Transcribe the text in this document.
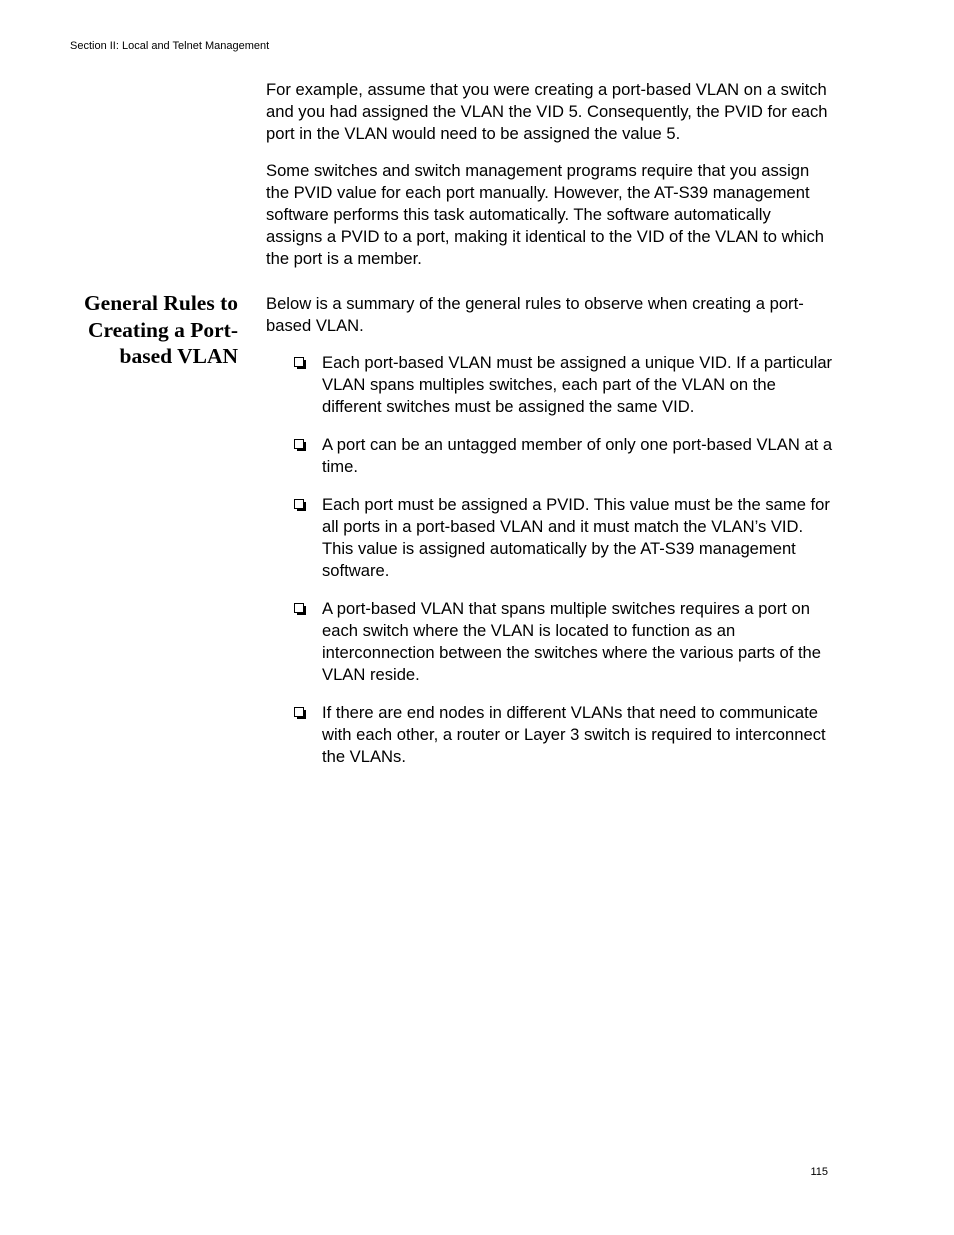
Section II: Local and Telnet Management

For example, assume that you were creating a port-based VLAN on a switch and you had assigned the VLAN the VID 5. Consequently, the PVID for each port in the VLAN would need to be assigned the value 5.

Some switches and switch management programs require that you assign the PVID value for each port manually. However, the AT-S39 management software performs this task automatically. The software automatically assigns a PVID to a port, making it identical to the VID of the VLAN to which the port is a member.

General Rules to Creating a Port-based VLAN

Below is a summary of the general rules to observe when creating a port-based VLAN.

Each port-based VLAN must be assigned a unique VID. If a particular VLAN spans multiples switches, each part of the VLAN on the different switches must be assigned the same VID.
A port can be an untagged member of only one port-based VLAN at a time.
Each port must be assigned a PVID. This value must be the same for all ports in a port-based VLAN and it must match the VLAN’s VID. This value is assigned automatically by the AT-S39 management software.
A port-based VLAN that spans multiple switches requires a port on each switch where the VLAN is located to function as an interconnection between the switches where the various parts of the VLAN reside.
If there are end nodes in different VLANs that need to communicate with each other, a router or Layer 3 switch is required to interconnect the VLANs.
115
